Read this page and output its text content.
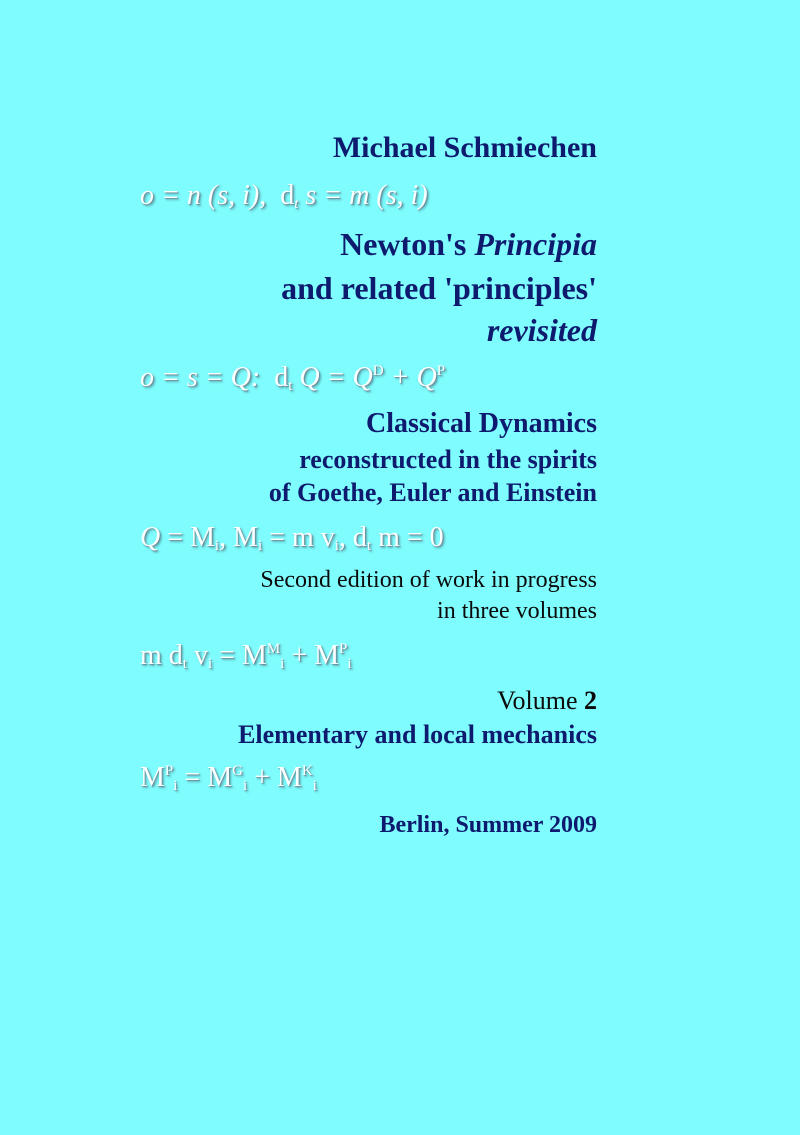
Michael Schmiechen
o = n (s, i), $d_t$ s = m (s, i)
Newton's Principia
and related 'principles'
revisited
o = s = Q: $d_t$ $Q = Q^D + Q^P$
Classical Dynamics
reconstructed in the spirits
of Goethe, Euler and Einstein
$Q = M_i$, $M_i = m$ $v_i$, $d_t$ m = 0
Second edition of work in progress
in three volumes
m $d_t$ $v_i = M^M_i + M^P_i$
Volume 2
Elementary and local mechanics
$M^P_i = M^G_i + M^K_i$
Berlin, Summer 2009
